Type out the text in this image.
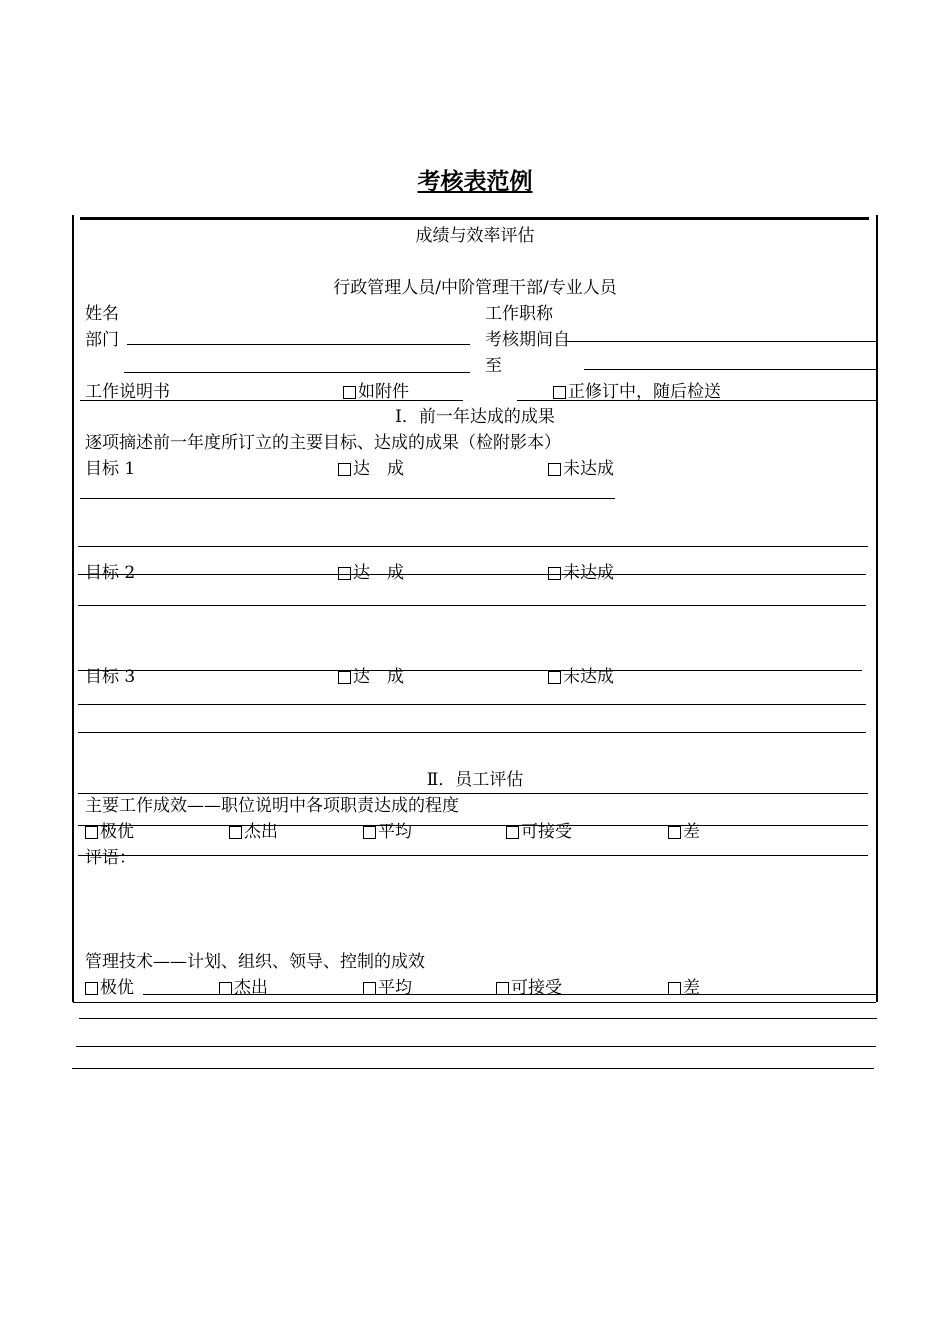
考核表范例
成绩与效率评估
行政管理人员/中阶管理干部/专业人员
姓名	工作职称
部门	考核期间自
至
工作说明书	如附件	正修订中，随后检送
Ⅰ．前一年达成的成果
逐项摘述前一年度所订立的主要目标、达成的成果（检附影本）
目标 1	达　成	未达成
目标 2	达　成	未达成
目标 3	达　成	未达成
Ⅱ．员工评估
主要工作成效——职位说明中各项职责达成的程度
极优	杰出	平均	可接受	差
评语：
管理技术——计划、组织、领导、控制的成效
极优	杰出	平均	可接受	差
